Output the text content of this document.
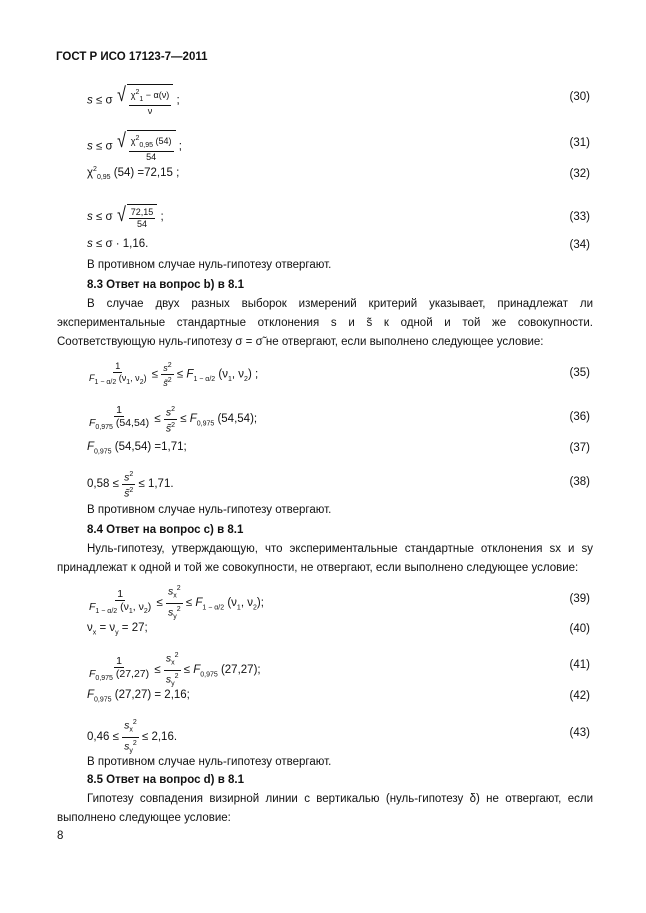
ГОСТ Р ИСО 17123-7—2011
s ≤ σ √ $\frac{\chi^2_1 - \alpha(\nu)}{\nu}$ ;	(30)
s ≤ σ √ $\frac{\chi^2_{0,95} (54)}{54}$ ;	(31)
$\chi^2_{0,95}$ (54) =72,15 ;	(32)
s ≤ σ √ $\frac{72,15}{54}$ ;	(33)
s ≤ σ · 1,16.	(34)
В противном случае нуль-гипотезу отвергают.
8.3 Ответ на вопрос b) в 8.1
В случае двух разных выборок измерений критерий указывает, принадлежат ли экспериментальные стандартные отклонения s и s̃ к одной и той же совокупности. Соответствующую нуль-гипотезу σ = σ̃ не отвергают, если выполнено следующее условие:
$\frac{1}{F_{1 - \alpha/2} (\nu_1, \nu_2)} \le \frac{s^2}{s̃^2} \le F_{1 - \alpha/2}$ ($\nu_1$, $\nu_2$) ;	(35)
$\frac{1}{F_{0,975} (54,54)} \le \frac{s^2}{s̃^2} \le F_{0,975}$ (54,54);	(36)
$F_{0,975}$ (54,54) =1,71;	(37)
$0,58 \le \frac{s^2}{s̃^2} \le 1,71$.	(38)
В противном случае нуль-гипотезу отвергают.
8.4 Ответ на вопрос c) в 8.1
Нуль-гипотезу, утверждающую, что экспериментальные стандартные отклонения sx и sy принадлежат к одной и той же совокупности, не отвергают, если выполнено следующее условие:
$\frac{1}{F_{1 - \alpha/2} (\nu_1, \nu_2)} \le \frac{s_x^2}{s_y^2} \le F_{1 - \alpha/2}$ ($\nu_1$, $\nu_2$);	(39)
$\nu_x = \nu_y = 27$;	(40)
$\frac{1}{F_{0,975} (27,27)} \le \frac{s_x^2}{s_y^2} \le F_{0,975}$ (27,27);	(41)
$F_{0,975}$ (27,27) = 2,16;	(42)
$0,46 \le \frac{s_x^2}{s_y^2} \le 2,16$.	(43)
В противном случае нуль-гипотезу отвергают.
8.5 Ответ на вопрос d) в 8.1
Гипотезу совпадения визирной линии с вертикалью (нуль-гипотезу δ) не отвергают, если выполнено следующее условие:
8
